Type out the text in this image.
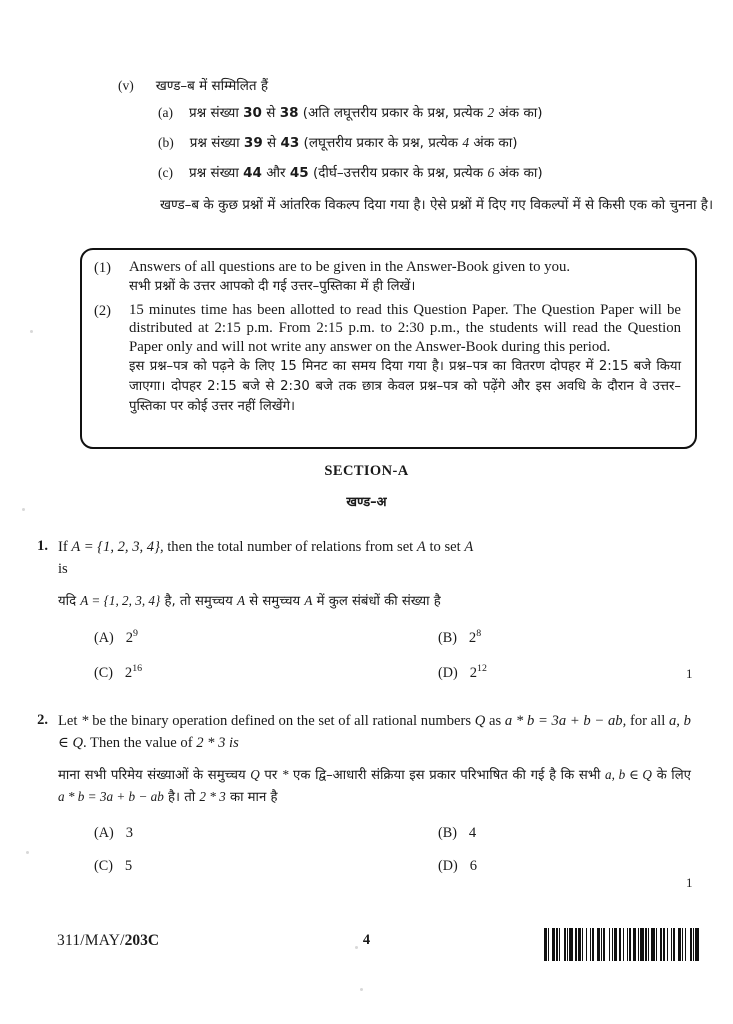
(v) खण्ड–ब में सम्मिलित हैं
(a) प्रश्न संख्या 30 से 38 (अति लघूत्तरीय प्रकार के प्रश्न, प्रत्येक 2 अंक का)
(b) प्रश्न संख्या 39 से 43 (लघूत्तरीय प्रकार के प्रश्न, प्रत्येक 4 अंक का)
(c) प्रश्न संख्या 44 और 45 (दीर्घ–उत्तरीय प्रकार के प्रश्न, प्रत्येक 6 अंक का)
खण्ड–ब के कुछ प्रश्नों में आंतरिक विकल्प दिया गया है। ऐसे प्रश्नों में दिए गए विकल्पों में से किसी एक को चुनना है।
(1)	Answers of all questions are to be given in the Answer-Book given to you.
सभी प्रश्नों के उत्तर आपको दी गई उत्तर–पुस्तिका में ही लिखें।
(2)	15 minutes time has been allotted to read this Question Paper. The Question Paper will be distributed at 2:15 p.m. From 2:15 p.m. to 2:30 p.m., the students will read the Question Paper only and will not write any answer on the Answer-Book during this period.
इस प्रश्न–पत्र को पढ़ने के लिए 15 मिनट का समय दिया गया है। प्रश्न–पत्र का वितरण दोपहर में 2:15 बजे किया जाएगा। दोपहर 2:15 बजे से 2:30 बजे तक छात्र केवल प्रश्न–पत्र को पढ़ेंगे और इस अवधि के दौरान वे उत्तर–पुस्तिका पर कोई उत्तर नहीं लिखेंगे।
SECTION-A
खण्ड–अ
1. If A = {1, 2, 3, 4}, then the total number of relations from set A to set A
is
यदि A = {1, 2, 3, 4} है, तो समुच्चय A से समुच्चय A में कुल संबंधों की संख्या है
(A) $2^9$	(B) $2^8$
(C) $2^{16}$	(D) $2^{12}$	1
2. Let * be the binary operation defined on the set of all rational numbers Q as a * b = 3a + b − ab, for all a, b ∈ Q. Then the value of 2 * 3 is
माना सभी परिमेय संख्याओं के समुच्चय Q पर * एक द्वि–आधारी संक्रिया इस प्रकार परिभाषित की गई है कि सभी a, b ∈ Q के लिए a * b = 3a + b − ab है। तो 2 * 3 का मान है
(A) 3	(B) 4
(C) 5	(D) 6
1
311/MAY/203C	4
